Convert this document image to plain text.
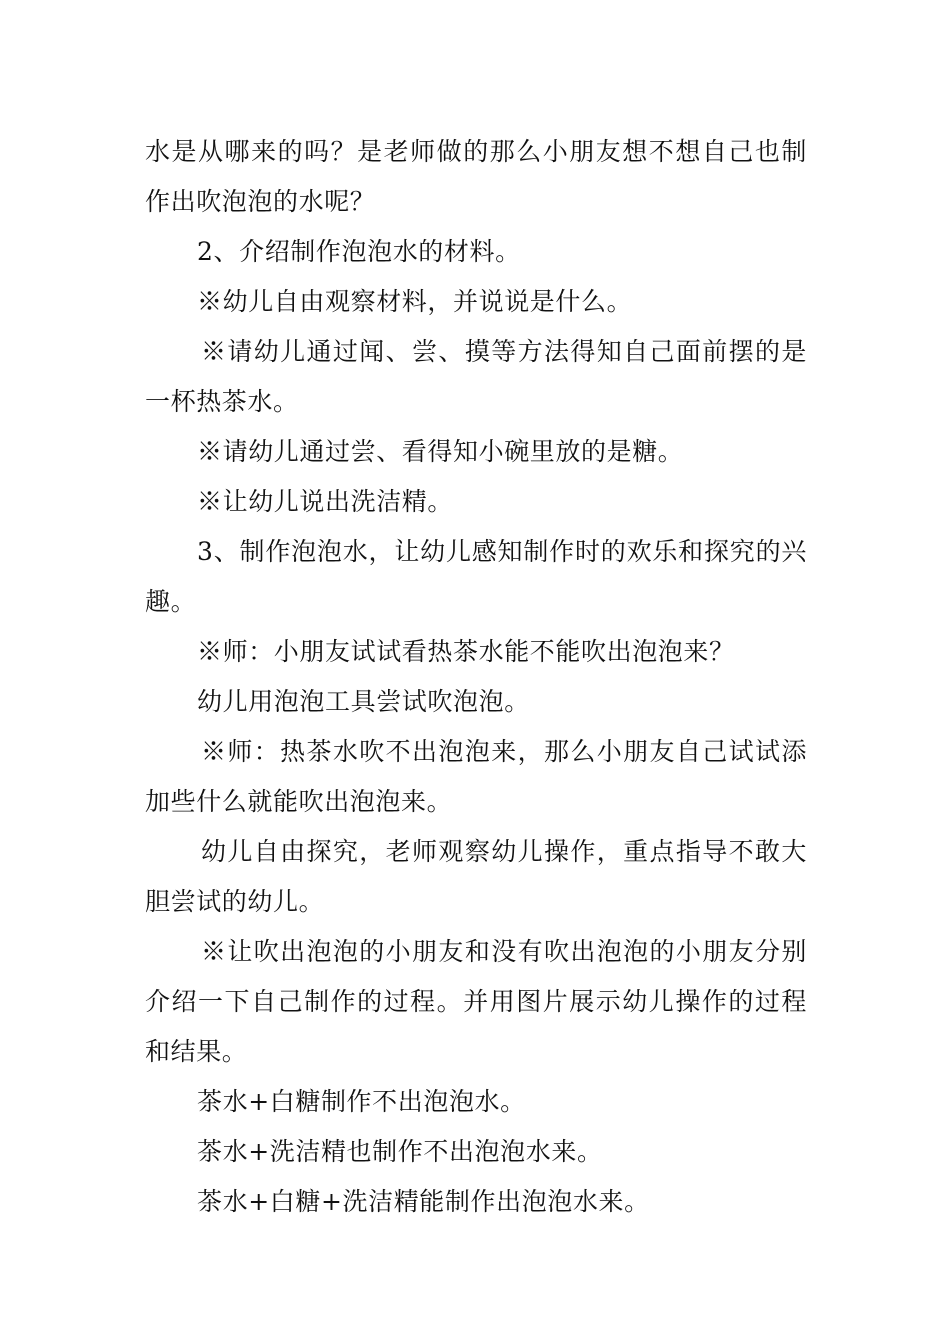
水是从哪来的吗？是老师做的那么小朋友想不想自己也制作出吹泡泡的水呢？

2、介绍制作泡泡水的材料。

※幼儿自由观察材料，并说说是什么。

※请幼儿通过闻、尝、摸等方法得知自己面前摆的是一杯热茶水。

※请幼儿通过尝、看得知小碗里放的是糖。

※让幼儿说出洗洁精。

3、制作泡泡水，让幼儿感知制作时的欢乐和探究的兴趣。

※师：小朋友试试看热茶水能不能吹出泡泡来？

幼儿用泡泡工具尝试吹泡泡。

※师：热茶水吹不出泡泡来，那么小朋友自己试试添加些什么就能吹出泡泡来。

幼儿自由探究，老师观察幼儿操作，重点指导不敢大胆尝试的幼儿。

※让吹出泡泡的小朋友和没有吹出泡泡的小朋友分别介绍一下自己制作的过程。并用图片展示幼儿操作的过程和结果。

茶水+白糖制作不出泡泡水。

茶水+洗洁精也制作不出泡泡水来。

茶水+白糖+洗洁精能制作出泡泡水来。
